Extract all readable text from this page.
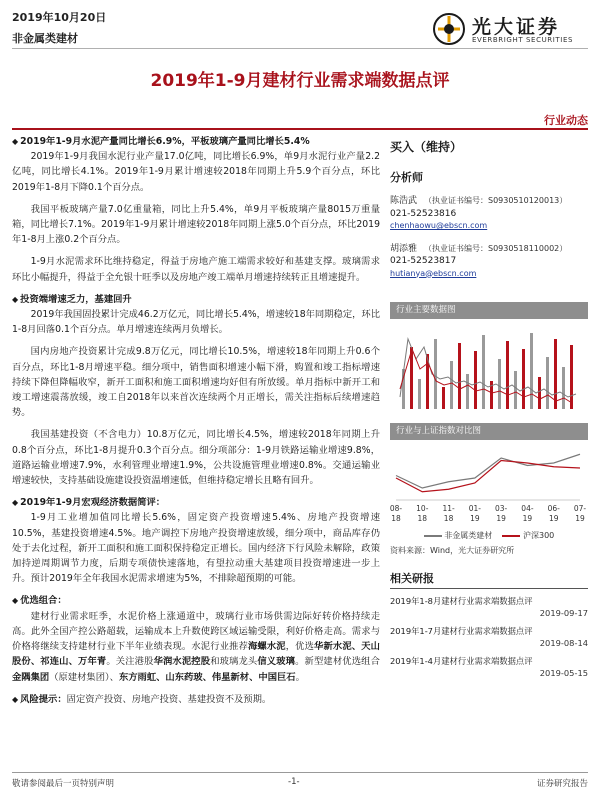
2019年10月20日
非金属类建材
光大证券
EVERBRIGHT SECURITIES
2019年1-9月建材行业需求端数据点评
行业动态

◆ 2019年1-9月水泥产量同比增长6.9%，平板玻璃产量同比增长5.4%

2019年1-9月我国水泥行业产量17.0亿吨，同比增长6.9%，单9月水泥行业产量2.2亿吨，同比增长4.1%。2019年1-9月累计增速较2018年同期上升5.9个百分点，环比2019年1-8月下降0.1个百分点。

我国平板玻璃产量7.0亿重量箱，同比上升5.4%，单9月平板玻璃产量8015万重量箱，同比增长7.1%。2019年1-9月累计增速较2018年同期上涨5.0个百分点，环比2019年1-8月上涨0.2个百分点。

1-9月水泥需求环比维持稳定，得益于房地产施工端需求较好和基建支撑。玻璃需求环比小幅提升，得益于全允银十旺季以及房地产竣工端单月增速持续转正且增速提升。

◆ 投资端增速乏力，基建回升

2019年我国固投累计完成46.2万亿元，同比增长5.4%，增速较18年同期稳定，环比1-8月回落0.1个百分点。单月增速连续两月负增长。

国内房地产投资累计完成9.8万亿元，同比增长10.5%，增速较18年同期上升0.6个百分点，环比1-8月增速平稳。细分项中，销售面积增速小幅下滑，购置和竣工指标增速持续下降但降幅收窄，新开工面积和施工面积增速均好但有所放缓。单月指标中新开工和竣工增速震荡放缓，竣工自2018年以来首次连续两个月正增长，需关注指标后续增速趋势。

我国基建投资（不含电力）10.8万亿元，同比增长4.5%，增速较2018年同期上升0.8个百分点，环比1-8月提升0.3个百分点。细分项部分：1-9月铁路运输业增速9.8%，道路运输业增速7.9%，水利管理业增速1.9%，公共设施管理业增速0.8%。交通运输业增速较快，支持基础设施建设投资温增速低，但维持稳定增长且略有回升。

◆ 2019年1-9月宏观经济数据简评：

1-9月工业增加值同比增长5.6%，固定资产投资增速5.4%、房地产投资增速10.5%，基建投资增速4.5%。地产调控下房地产投资增速放缓，细分项中，商品库存仍处于去化过程，新开工面积和施工面积保持稳定正增长。国内经济下行风险未解除，政策加持逆周期调节力度，后期专项债快速落地，有望拉动重大基建项目投资增速进一步上升。预计2019年全年我国水泥需求增速为5%，不排除超预期的可能。

◆ 优选组合：

建材行业需求旺季，水泥价格上涨通道中，玻璃行业市场供需边际好转价格持续走高。此外全国产控公路超载，运输成本上升数使跨区域运输受限，利好价格走高。需求与价格将继续支持建材行业下半年业绩表现。水泥行业推荐海螺水泥，优选华新水泥、天山股份、祁连山、万年青。关注港股华润水泥控股和玻璃龙头信义玻璃。新型建材优选组合金隅集团（原建材集团）、东方雨虹、山东药玻、伟星新材、中国巨石。

◆ 风险提示：固定资产投资、房地产投资、基建投资不及预期。

买入（维持）
分析师
陈浩武 （执业证书编号：S0930510120013）
021-52523816
chenhaowu@ebscn.com
胡添雅 （执业证书编号：S0930518110002）
021-52523817
hutianya@ebscn.com
行业主要数据图
行业与上证指数对比图
08-
18
10-
18
11-
18
01-
19
03-
19
04-
19
06-
19
07-
19
非金属类建材	沪深300
资料来源：Wind，光大证券研究所
相关研报
2019年1-8月建材行业需求端数据点评
2019-09-17
2019年1-7月建材行业需求端数据点评
2019-08-14
2019年1-4月建材行业需求端数据点评
2019-05-15
敬请参阅最后一页特别声明	-1-	证券研究报告
